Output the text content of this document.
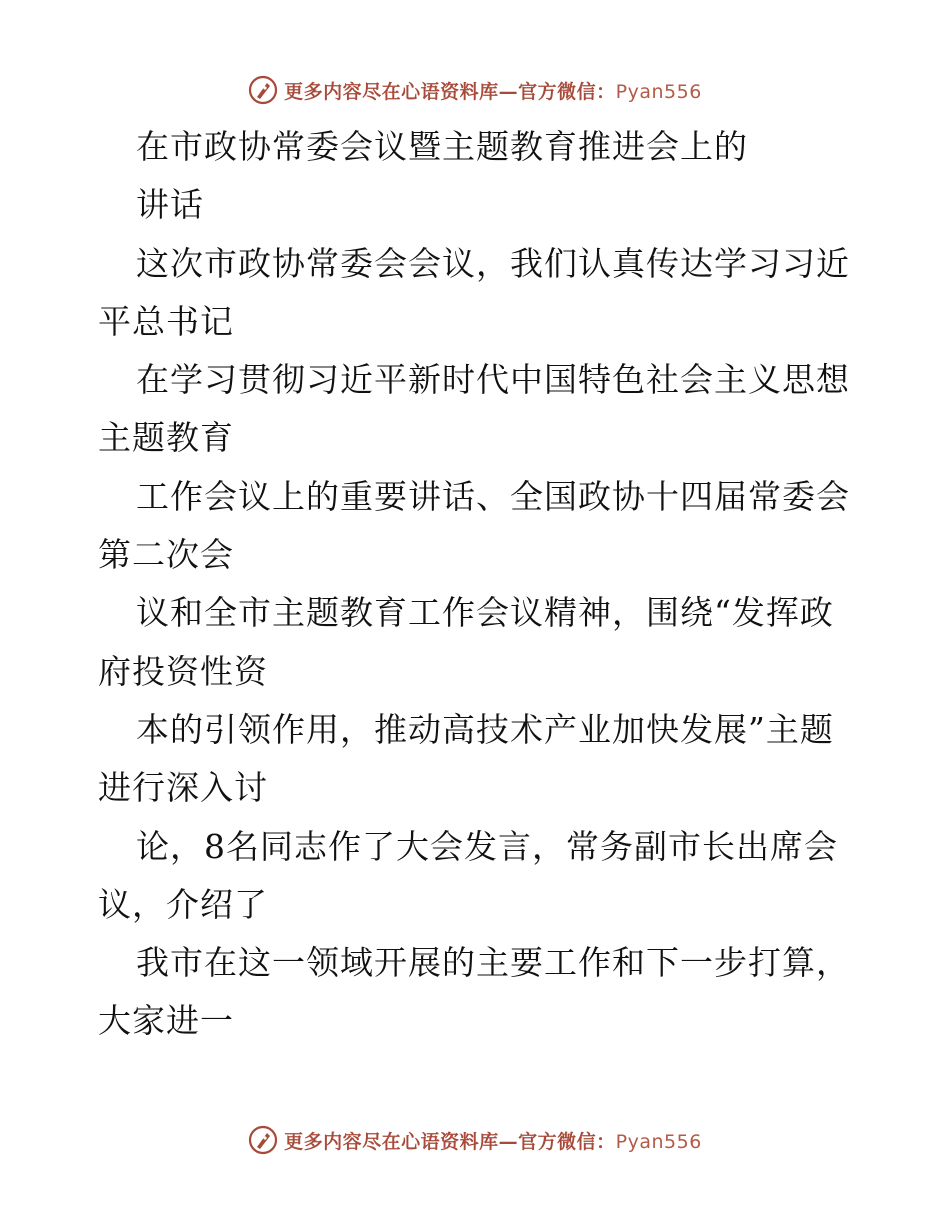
更多内容尽在心语资料库—官方微信：Pyan556
在市政协常委会议暨主题教育推进会上的
讲话
这次市政协常委会会议，我们认真传达学习习近
平总书记
在学习贯彻习近平新时代中国特色社会主义思想
主题教育
工作会议上的重要讲话、全国政协十四届常委会
第二次会
议和全市主题教育工作会议精神，围绕“发挥政
府投资性资
本的引领作用，推动高技术产业加快发展”主题
进行深入讨
论，8名同志作了大会发言，常务副市长出席会
议，介绍了
我市在这一领域开展的主要工作和下一步打算，
大家进一
更多内容尽在心语资料库—官方微信：Pyan556
